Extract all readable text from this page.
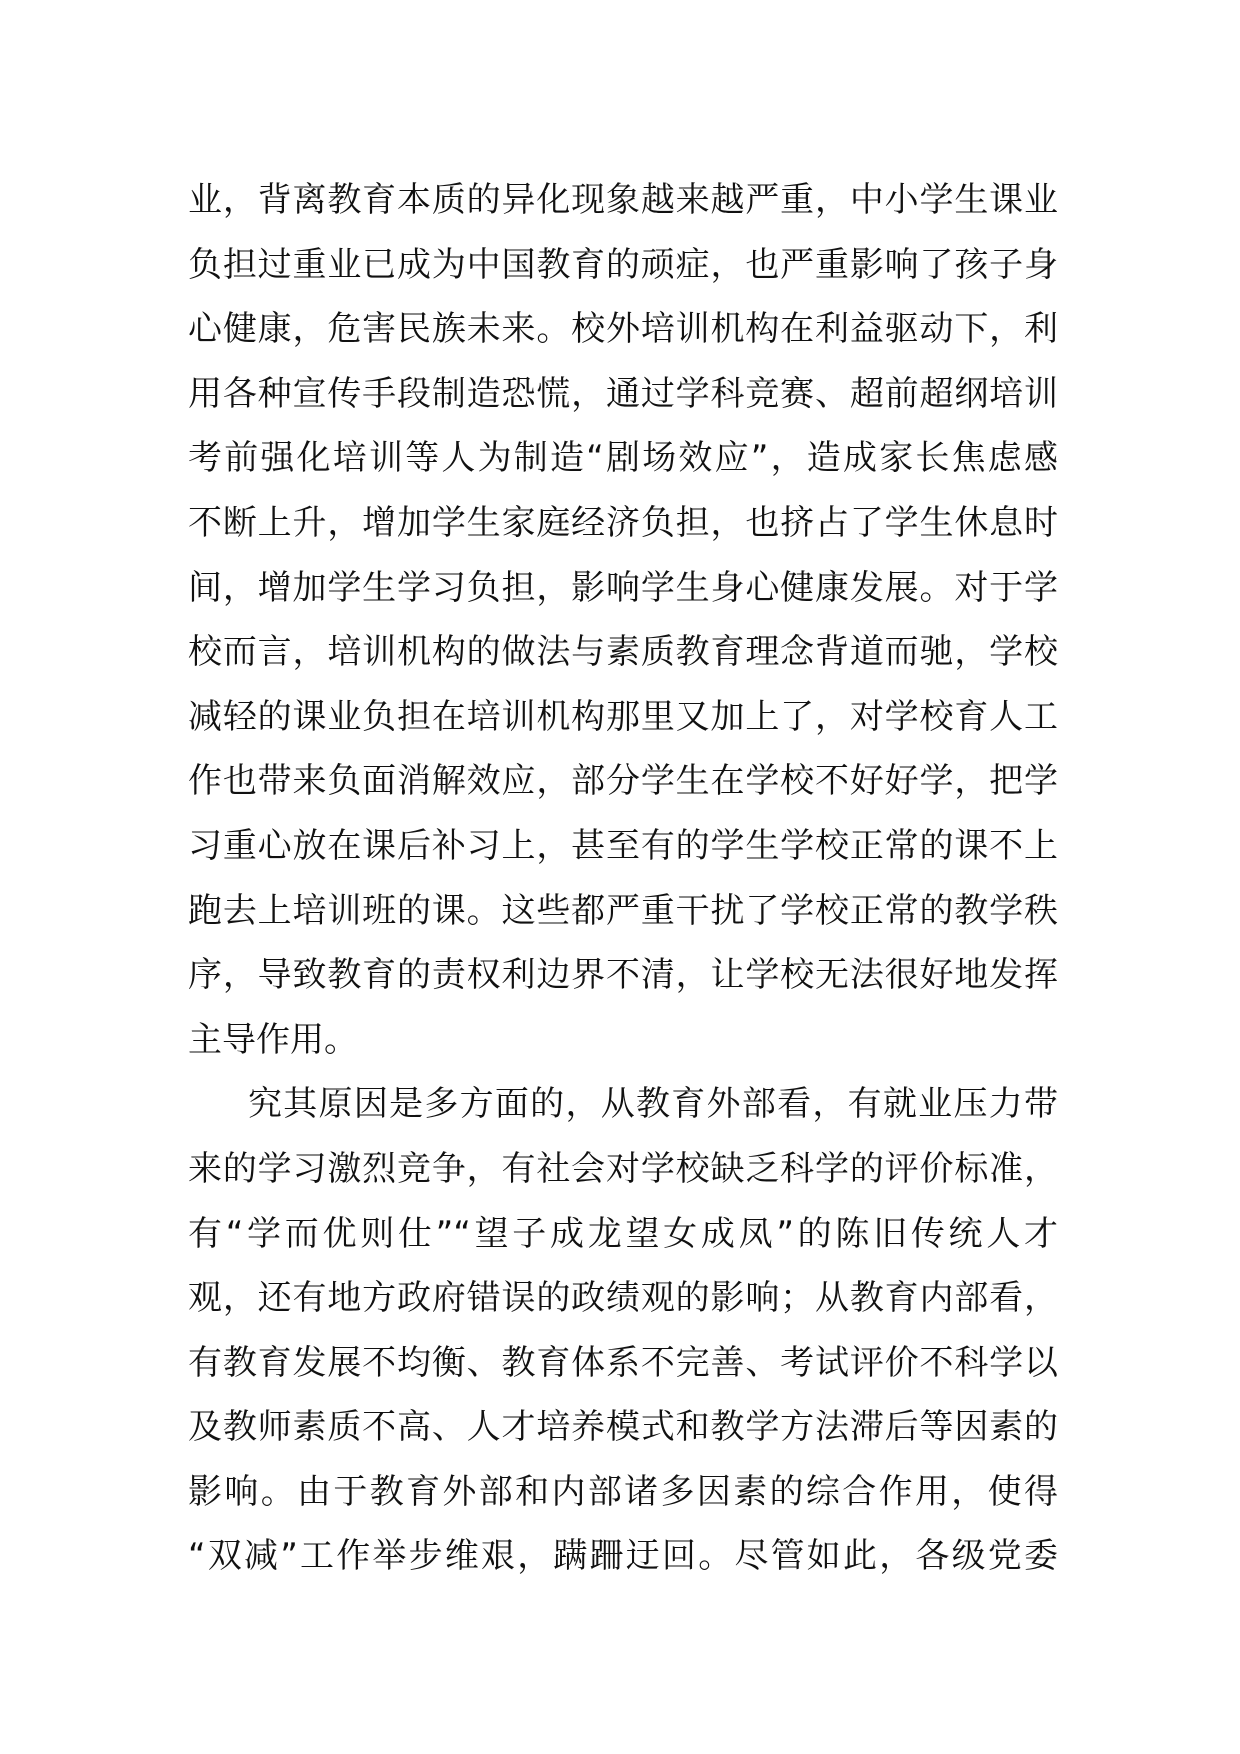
业，背离教育本质的异化现象越来越严重，中小学生课业
负担过重业已成为中国教育的顽症，也严重影响了孩子身
心健康，危害民族未来。校外培训机构在利益驱动下，利
用各种宣传手段制造恐慌，通过学科竞赛、超前超纲培训
考前强化培训等人为制造“剧场效应”，造成家长焦虑感
不断上升，增加学生家庭经济负担，也挤占了学生休息时
间，增加学生学习负担，影响学生身心健康发展。对于学
校而言，培训机构的做法与素质教育理念背道而驰，学校
减轻的课业负担在培训机构那里又加上了，对学校育人工
作也带来负面消解效应，部分学生在学校不好好学，把学
习重心放在课后补习上，甚至有的学生学校正常的课不上
跑去上培训班的课。这些都严重干扰了学校正常的教学秩
序，导致教育的责权利边界不清，让学校无法很好地发挥
主导作用。
究其原因是多方面的，从教育外部看，有就业压力带
来的学习激烈竞争，有社会对学校缺乏科学的评价标准，
有“学而优则仕”“望子成龙望女成凤”的陈旧传统人才
观，还有地方政府错误的政绩观的影响；从教育内部看，
有教育发展不均衡、教育体系不完善、考试评价不科学以
及教师素质不高、人才培养模式和教学方法滞后等因素的
影响。由于教育外部和内部诸多因素的综合作用，使得
“双减”工作举步维艰，蹒跚迂回。尽管如此，各级党委
